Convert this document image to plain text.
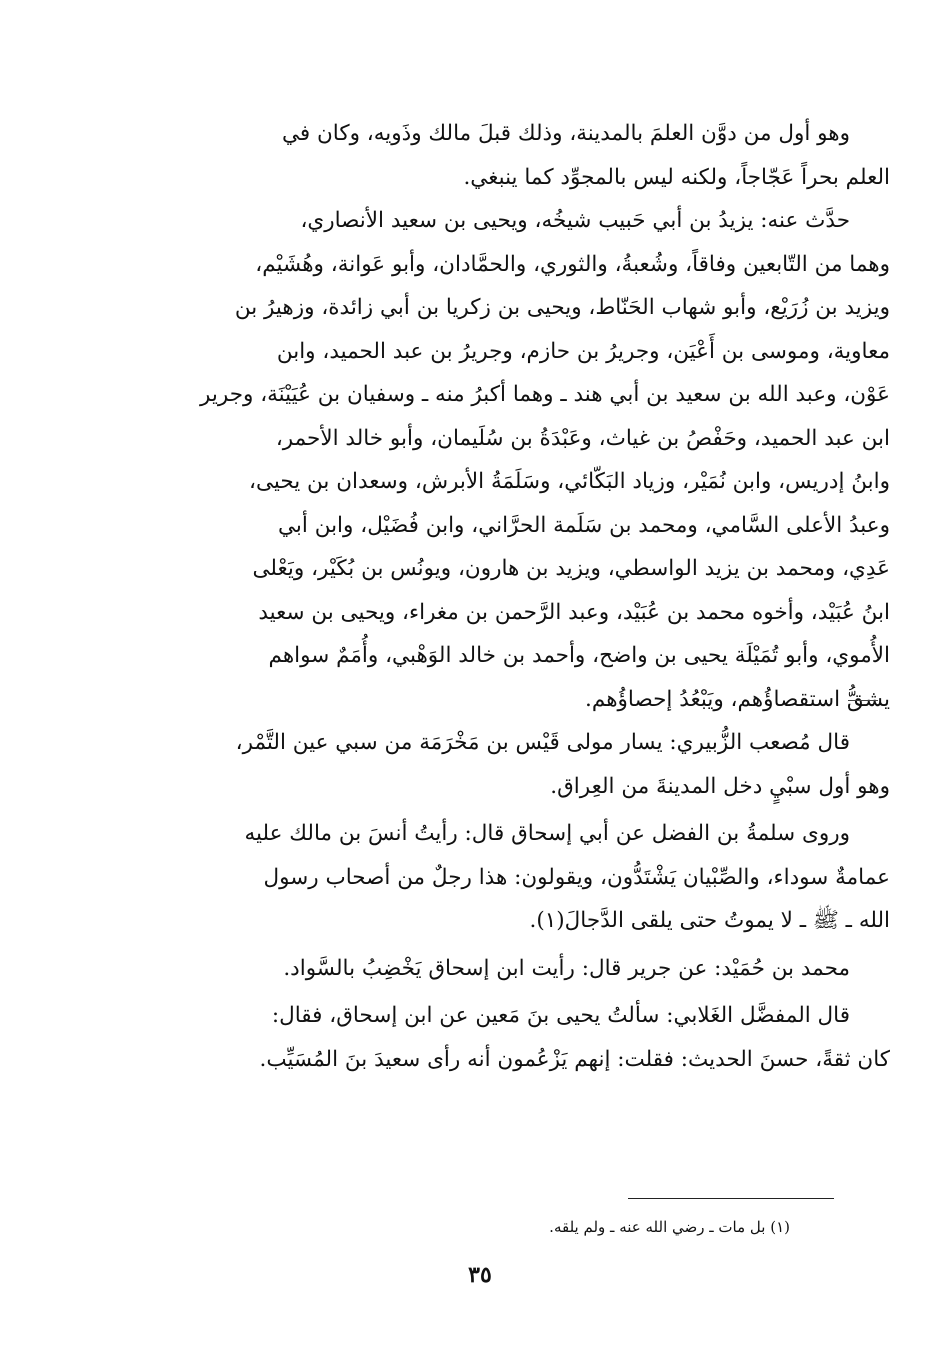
وهو أول من دوَّن العلمَ بالمدينة، وذلك قبلَ مالك وذَويه، وكان في
العلم بحراً عَجّاجاً، ولكنه ليس بالمجوِّد كما ينبغي.
حدَّث عنه: يزيدُ بن أبي حَبيب شيخُه، ويحيى بن سعيد الأنصاري،
وهما من التّابعين وفاقاً، وشُعبةُ، والثوري، والحمَّادان، وأبو عَوانة، وهُشَيْم،
ويزيد بن زُرَيْع، وأبو شهاب الحَنّاط، ويحيى بن زكريا بن أبي زائدة، وزهيرُ بن
معاوية، وموسى بن أَعْيَن، وجريرُ بن حازم، وجريرُ بن عبد الحميد، وابن
عَوْن، وعبد الله بن سعيد بن أبي هند ـ وهما أكبرُ منه ـ وسفيان بن عُيَيْنَة، وجرير
ابن عبد الحميد، وحَفْصُ بن غياث، وعَبْدَةُ بن سُلَيمان، وأبو خالد الأحمر،
وابنُ إدريس، وابن نُمَيْر، وزياد البَكّائي، وسَلَمَةُ الأبرش، وسعدان بن يحيى،
وعبدُ الأعلى السَّامي، ومحمد بن سَلَمة الحرَّاني، وابن فُضَيْل، وابن أبي
عَدِي، ومحمد بن يزيد الواسطي، ويزيد بن هارون، ويونُس بن بُكَيْر، ويَعْلى
ابنُ عُبَيْد، وأخوه محمد بن عُبَيْد، وعبد الرَّحمن بن مغراء، ويحيى بن سعيد
الأُموي، وأبو تُمَيْلَة يحيى بن واضح، وأحمد بن خالد الوَهْبي، وأُمَمٌ سواهم
يشقُّ استقصاؤُهم، ويَبْعُدُ إحصاؤُهم.
قال مُصعب الزُّبيري: يسار مولى قَيْس بن مَخْرَمَة من سبي عين التَّمْر،
وهو أول سبْيٍ دخل المدينةَ من العِراق.
وروى سلمةُ بن الفضل عن أبي إسحاق قال: رأيتُ أنسَ بن مالك عليه
عمامةٌ سوداء، والصِّبْيان يَشْتَدُّون، ويقولون: هذا رجلٌ من أصحاب رسول
الله ـ ﷺ ـ لا يموتُ حتى يلقى الدَّجالَ(١).
محمد بن حُمَيْد: عن جرير قال: رأيت ابن إسحاق يَخْضِبُ بالسَّواد.
قال المفضَّل الغَلابي: سألتُ يحيى بنَ مَعين عن ابن إسحاق، فقال:
كان ثقةً، حسنَ الحديث: فقلت: إنهم يَزْعُمون أنه رأى سعيدَ بنَ المُسَيِّب.
(١) بل مات ـ رضي الله عنه ـ ولم يلقه.
٣٥
